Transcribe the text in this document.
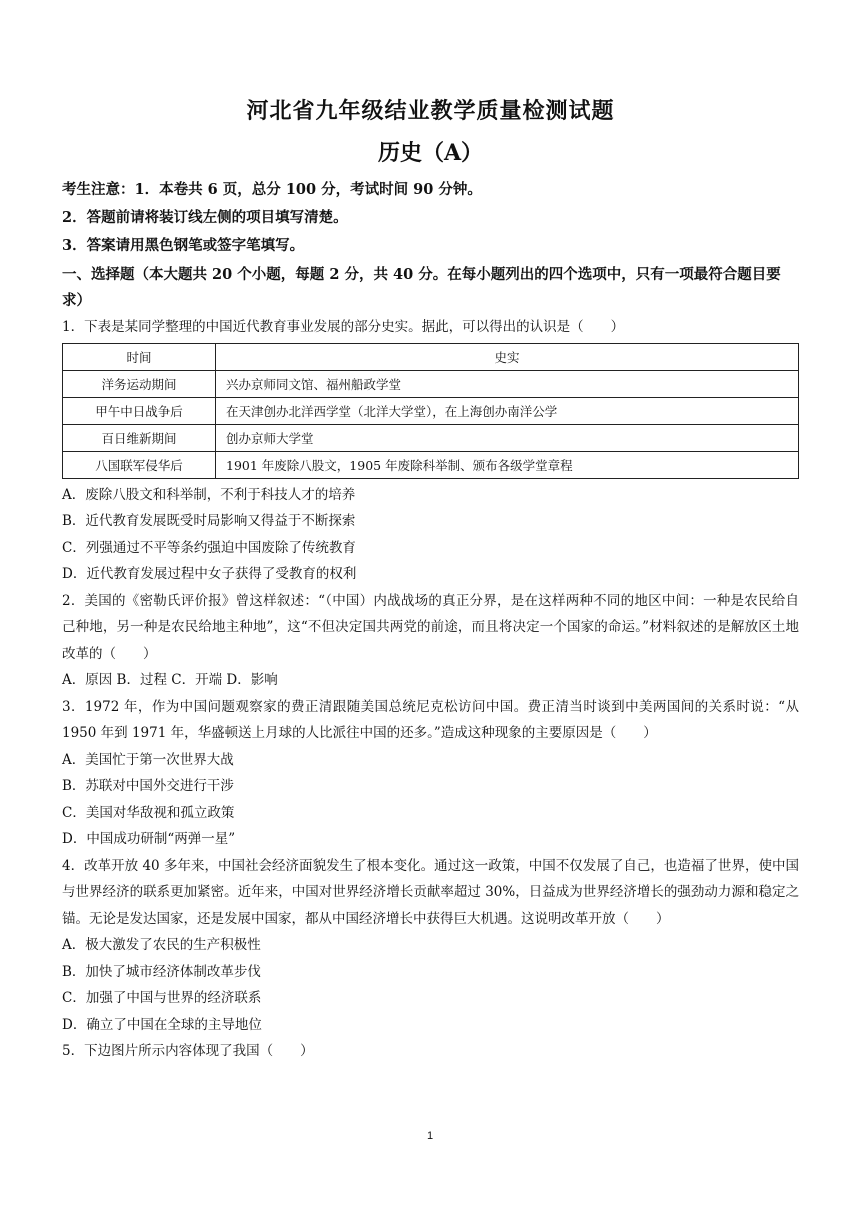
河北省九年级结业教学质量检测试题
历史（A）

考生注意：1．本卷共 6 页，总分 100 分，考试时间 90 分钟。

2．答题前请将装订线左侧的项目填写清楚。

3．答案请用黑色钢笔或签字笔填写。

一、选择题（本大题共 20 个小题，每题 2 分，共 40 分。在每小题列出的四个选项中，只有一项最符合题目要求）

1．下表是某同学整理的中国近代教育事业发展的部分史实。据此，可以得出的认识是（　　）

时间	史实
洋务运动期间	兴办京师同文馆、福州船政学堂
甲午中日战争后	在天津创办北洋西学堂（北洋大学堂），在上海创办南洋公学
百日维新期间	创办京师大学堂
八国联军侵华后	1901 年废除八股文，1905 年废除科举制、颁布各级学堂章程

A．废除八股文和科举制，不利于科技人才的培养

B．近代教育发展既受时局影响又得益于不断探索

C．列强通过不平等条约强迫中国废除了传统教育

D．近代教育发展过程中女子获得了受教育的权利

2．美国的《密勒氏评价报》曾这样叙述：“（中国）内战战场的真正分界，是在这样两种不同的地区中间：一种是农民给自己种地，另一种是农民给地主种地”，这“不但决定国共两党的前途，而且将决定一个国家的命运。”材料叙述的是解放区土地改革的（　　）

A．原因 B．过程 C．开端 D．影响

3．1972 年，作为中国问题观察家的费正清跟随美国总统尼克松访问中国。费正清当时谈到中美两国间的关系时说：“从 1950 年到 1971 年，华盛顿送上月球的人比派往中国的还多。”造成这种现象的主要原因是（　　）

A．美国忙于第一次世界大战

B．苏联对中国外交进行干涉

C．美国对华敌视和孤立政策

D．中国成功研制“两弹一星”

4．改革开放 40 多年来，中国社会经济面貌发生了根本变化。通过这一政策，中国不仅发展了自己，也造福了世界，使中国与世界经济的联系更加紧密。近年来，中国对世界经济增长贡献率超过 30%，日益成为世界经济增长的强劲动力源和稳定之锚。无论是发达国家，还是发展中国家，都从中国经济增长中获得巨大机遇。这说明改革开放（　　）

A．极大激发了农民的生产积极性

B．加快了城市经济体制改革步伐

C．加强了中国与世界的经济联系

D．确立了中国在全球的主导地位

5．下边图片所示内容体现了我国（　　）

1
